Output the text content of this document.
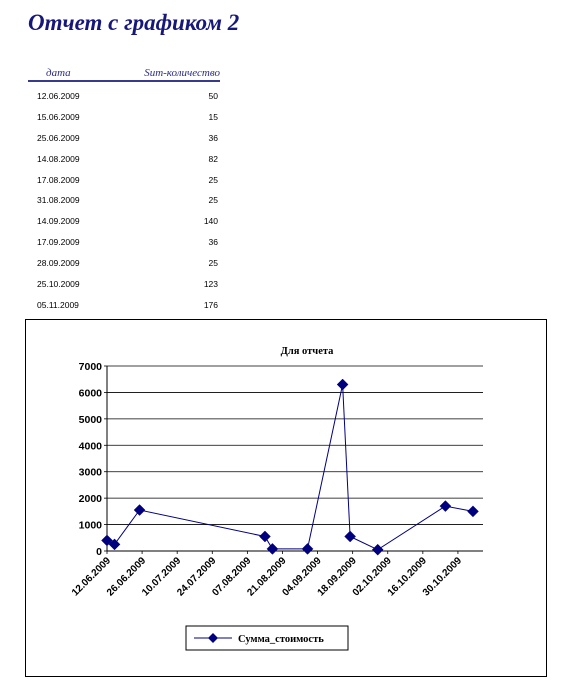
Отчет с графиком 2
дата	Sum-количество
12.06.2009	50
15.06.2009	15
25.06.2009	36
14.08.2009	82
17.08.2009	25
31.08.2009	25
14.09.2009	140
17.09.2009	36
28.09.2009	25
25.10.2009	123
05.11.2009	176
Для отчета
0
1000
2000
3000
4000
5000
6000
7000
12.06.2009
26.06.2009
10.07.2009
24.07.2009
07.08.2009
21.08.2009
04.09.2009
18.09.2009
02.10.2009
16.10.2009
30.10.2009
Сумма_стоимость
